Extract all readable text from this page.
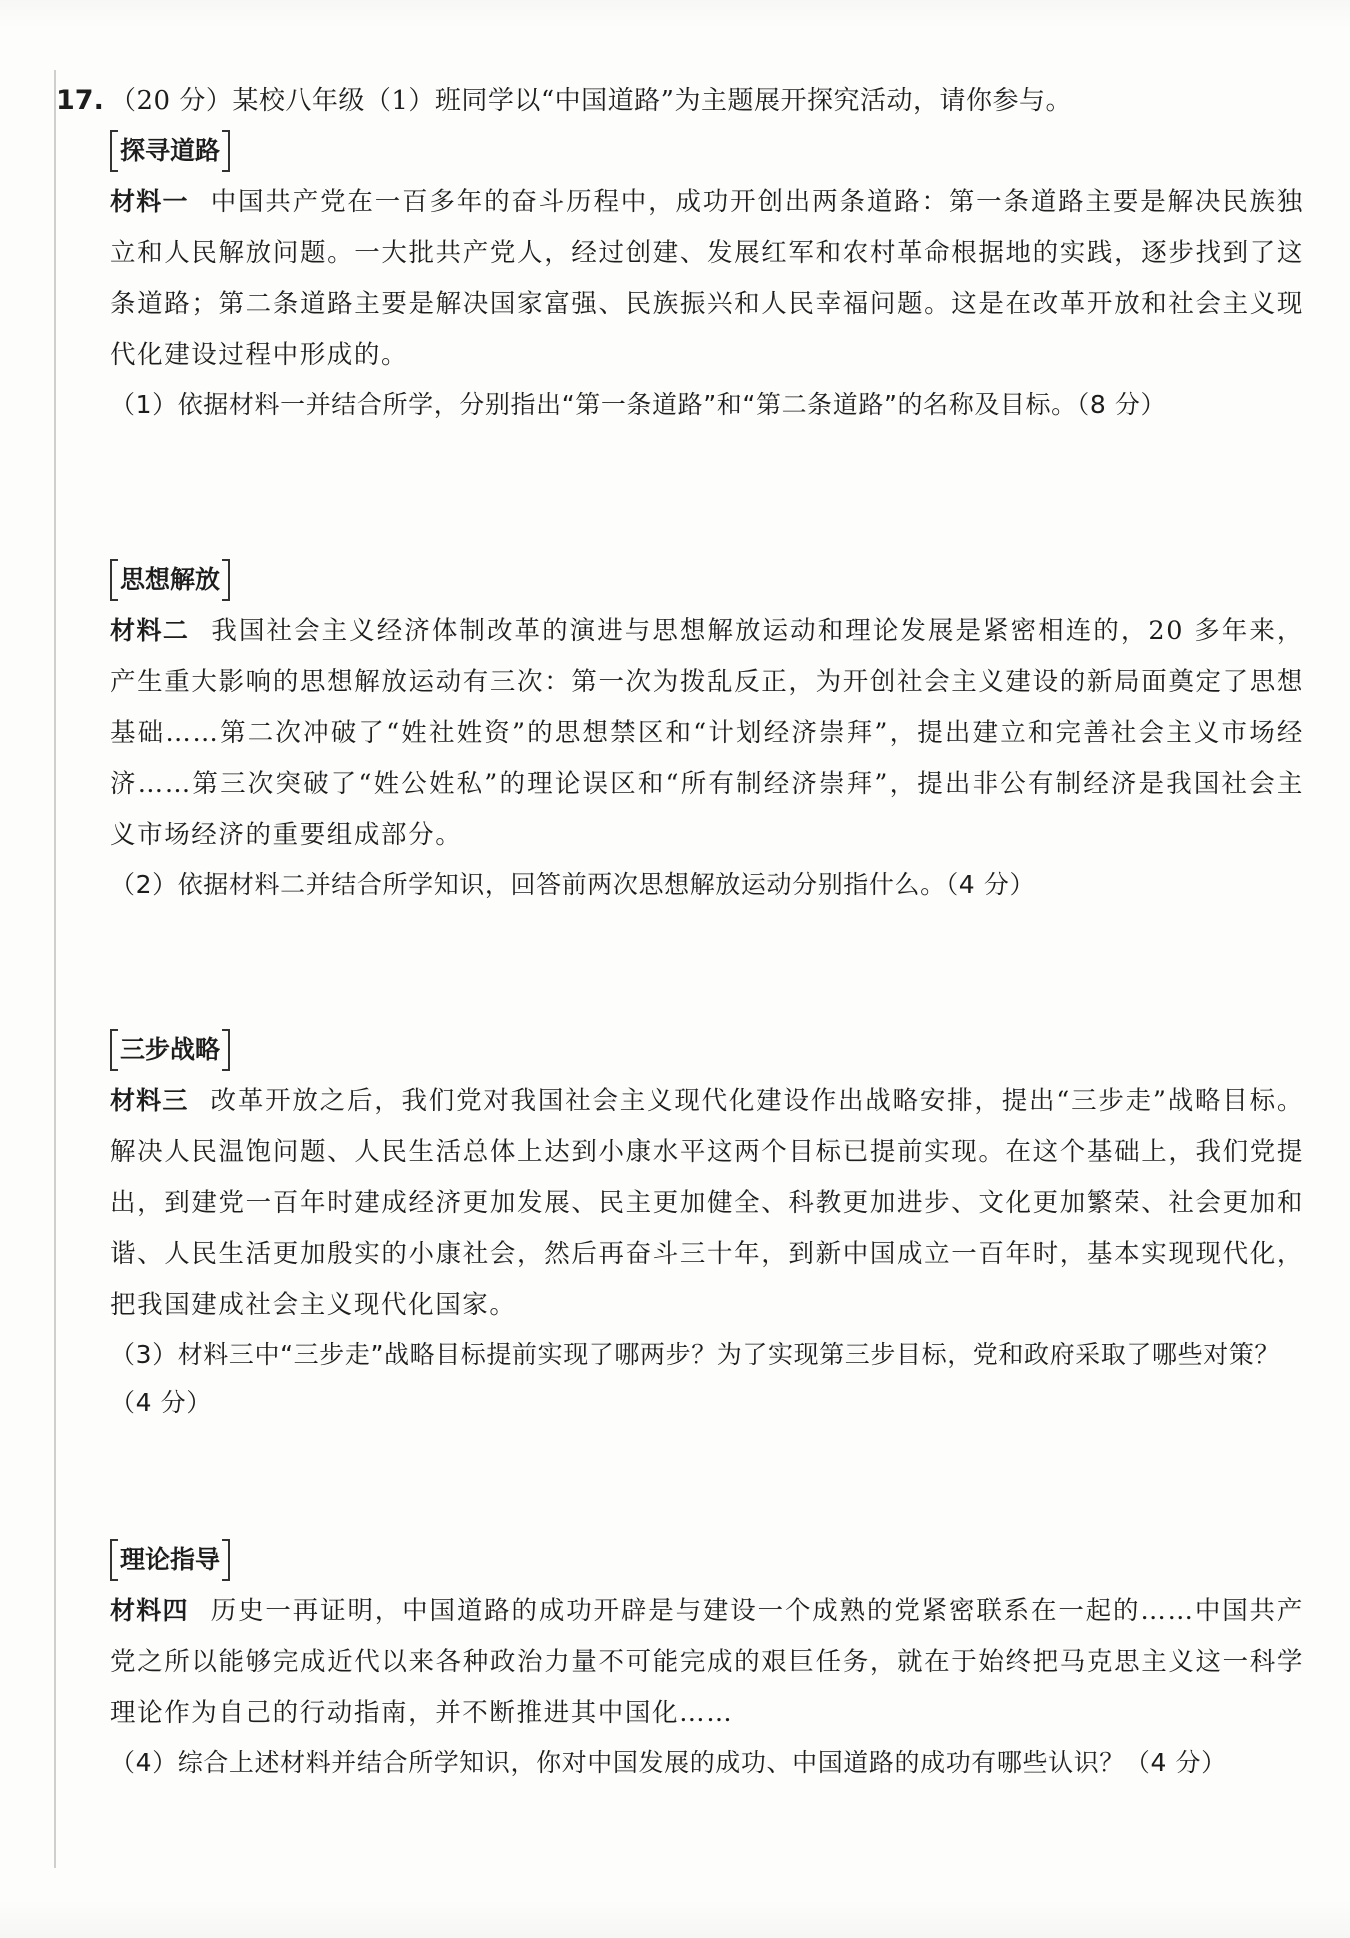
17. （20 分）某校八年级（1）班同学以“中国道路”为主题展开探究活动，请你参与。
探寻道路
材料一 中国共产党在一百多年的奋斗历程中，成功开创出两条道路：第一条道路主要是解决民族独立和人民解放问题。一大批共产党人，经过创建、发展红军和农村革命根据地的实践，逐步找到了这条道路；第二条道路主要是解决国家富强、民族振兴和人民幸福问题。这是在改革开放和社会主义现代化建设过程中形成的。
（1）依据材料一并结合所学，分别指出“第一条道路”和“第二条道路”的名称及目标。（8 分）
思想解放
材料二 我国社会主义经济体制改革的演进与思想解放运动和理论发展是紧密相连的，20 多年来，产生重大影响的思想解放运动有三次：第一次为拨乱反正，为开创社会主义建设的新局面奠定了思想基础……第二次冲破了“姓社姓资”的思想禁区和“计划经济崇拜”，提出建立和完善社会主义市场经济……第三次突破了“姓公姓私”的理论误区和“所有制经济崇拜”，提出非公有制经济是我国社会主义市场经济的重要组成部分。
（2）依据材料二并结合所学知识，回答前两次思想解放运动分别指什么。（4 分）
三步战略
材料三 改革开放之后，我们党对我国社会主义现代化建设作出战略安排，提出“三步走”战略目标。解决人民温饱问题、人民生活总体上达到小康水平这两个目标已提前实现。在这个基础上，我们党提出，到建党一百年时建成经济更加发展、民主更加健全、科教更加进步、文化更加繁荣、社会更加和谐、人民生活更加殷实的小康社会，然后再奋斗三十年，到新中国成立一百年时，基本实现现代化，把我国建成社会主义现代化国家。
（3）材料三中“三步走”战略目标提前实现了哪两步？为了实现第三步目标，党和政府采取了哪些对策？（4 分）
理论指导
材料四 历史一再证明，中国道路的成功开辟是与建设一个成熟的党紧密联系在一起的……中国共产党之所以能够完成近代以来各种政治力量不可能完成的艰巨任务，就在于始终把马克思主义这一科学理论作为自己的行动指南，并不断推进其中国化……
（4）综合上述材料并结合所学知识，你对中国发展的成功、中国道路的成功有哪些认识？（4 分）
